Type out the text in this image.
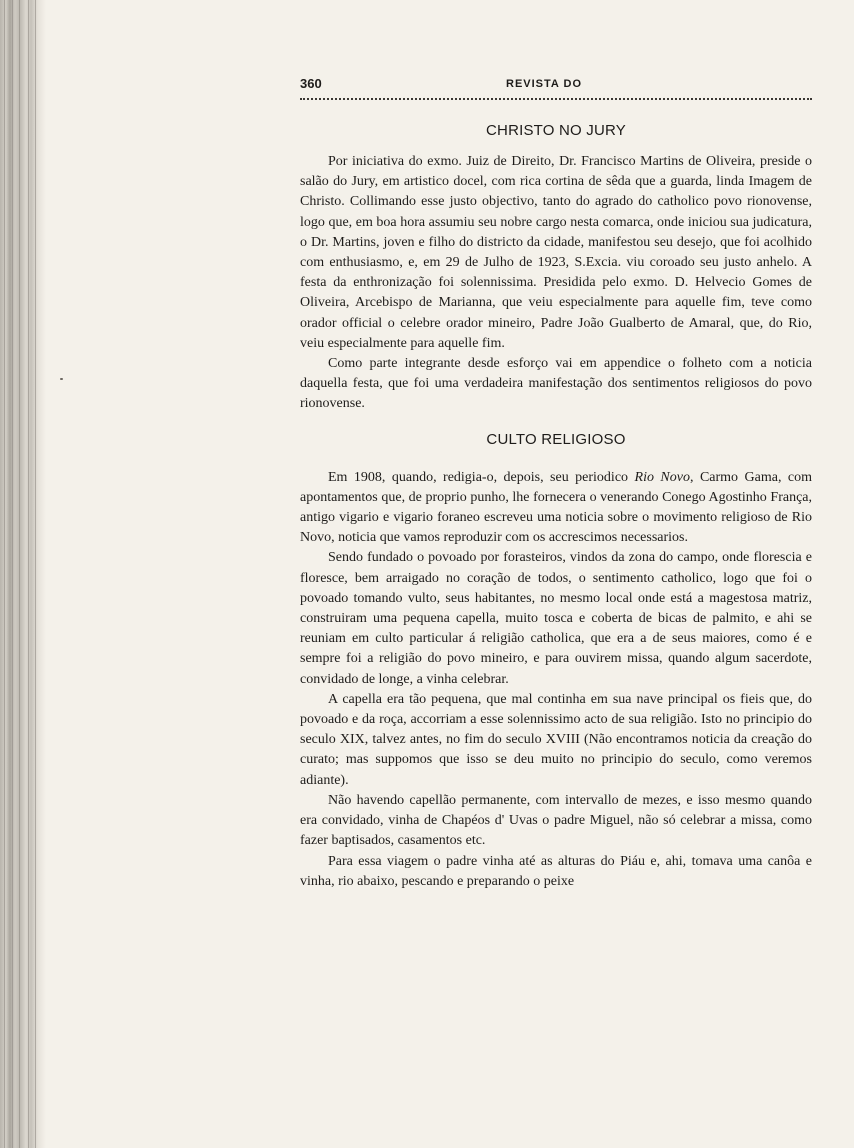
360	REVISTA DO
CHRISTO NO JURY

Por iniciativa do exmo. Juiz de Direito, Dr. Francisco Martins de Oliveira, preside o salão do Jury, em artistico docel, com rica cortina de sêda que a guarda, linda Imagem de Christo. Collimando esse justo objectivo, tanto do agrado do catholico povo rionovense, logo que, em boa hora assumiu seu nobre cargo nesta comarca, onde iniciou sua judicatura, o Dr. Martins, joven e filho do districto da cidade, manifestou seu desejo, que foi acolhido com enthusiasmo, e, em 29 de Julho de 1923, S.Excia. viu coroado seu justo anhelo. A festa da enthronização foi solennissima. Presidida pelo exmo. D. Helvecio Gomes de Oliveira, Arcebispo de Marianna, que veiu especialmente para aquelle fim, teve como orador official o celebre orador mineiro, Padre João Gualberto de Amaral, que, do Rio, veiu especialmente para aquelle fim.

Como parte integrante desde esforço vai em appendice o folheto com a noticia daquella festa, que foi uma verdadeira manifestação dos sentimentos religiosos do povo rionovense.

CULTO RELIGIOSO

Em 1908, quando, redigia-o, depois, seu periodico Rio Novo, Carmo Gama, com apontamentos que, de proprio punho, lhe fornecera o venerando Conego Agostinho França, antigo vigario e vigario foraneo escreveu uma noticia sobre o movimento religioso de Rio Novo, noticia que vamos reproduzir com os accrescimos necessarios.

Sendo fundado o povoado por forasteiros, vindos da zona do campo, onde floresciа e floresce, bem arraigado no coração de todos, o sentimento catholico, logo que foi o povoado tomando vulto, seus habitantes, no mesmo local onde está a magestosa matriz, construiram uma pequena capella, muito tosca e coberta de bicas de palmito, e ahi se reuniam em culto particular á religião catholica, que era a de seus maiores, como é e sempre foi a religião do povo mineiro, e para ouvirem missa, quando algum sacerdote, convidado de longe, a vinha celebrar.

A capella era tão pequena, que mal continha em sua nave principal os fieis que, do povoado e da roça, accorriam a esse solennissimo acto de sua religião. Isto no principio do seculo XIX, talvez antes, no fim do seculo XVIII (Não encontramos noticia da creação do curato; mas suppomos que isso se deu muito no principio do seculo, como veremos adiante).

Não havendo capellão permanente, com intervallo de mezes, e isso mesmo quando era convidado, vinha de Chapéos d' Uvas o padre Miguel, não só celebrar a missa, como fazer baptisados, casamentos etc.

Para essa viagem o padre vinha até as alturas do Piáu e, ahi, tomava uma canôa e vinha, rio abaixo, pescando e preparando o peixe
